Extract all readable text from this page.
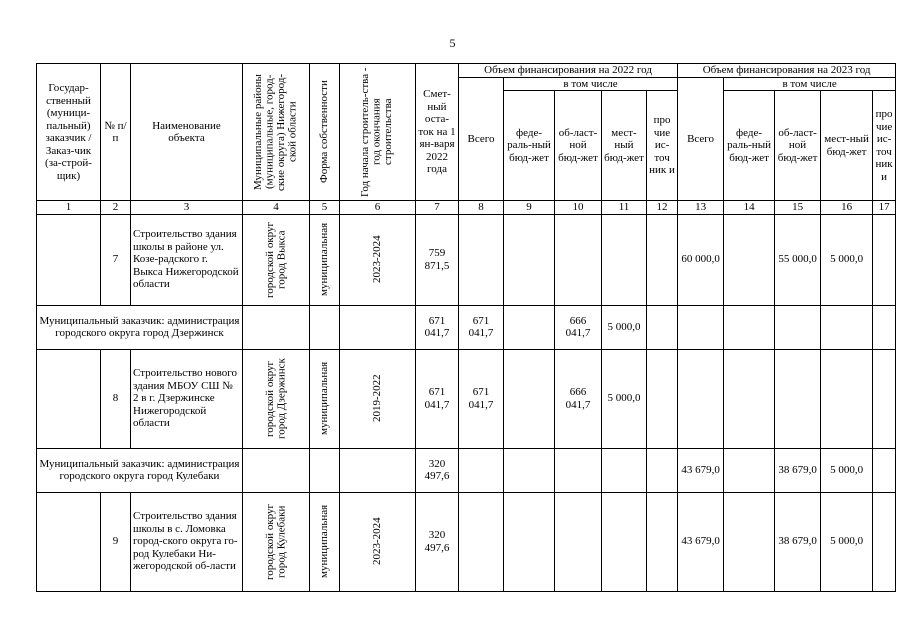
5
Государ-ственный (муници-пальный) заказчик / Заказ-чик (за-строй-щик)	№ п/п	Наименование объекта	Муниципальные районы (муниципальные, город-ские округа) Нижегород-ской области	Форма собственности	Год начала строитель-ства - год окончания строительства	Смет-ный оста-ток на 1 ян-варя 2022 года	Объем финансирования на 2022 год					Объем финансирования на 2023 год				
							Всего	в том числе				Всего	в том числе			
								феде-раль-ный бюд-жет	об-ласт-ной бюд-жет	мест-ный бюд-жет	про чие ис-точ ник и		феде-раль-ный бюд-жет	об-ласт-ной бюд-жет	мест-ный бюд-жет	про чие ис-точ ник и
1	2	3	4	5	6	7	8	9	10	11	12	13	14	15	16	17
	7	Строительство здания школы в районе ул. Козе-радского г. Выкса Нижегородской области	городской округ город Выкса	муниципальная	2023-2024	759 871,5						60 000,0		55 000,0	5 000,0	
Муниципальный заказчик: администрация городского округа город Дзержинск						671 041,7	671 041,7		666 041,7	5 000,0						
	8	Строительство нового здания МБОУ СШ № 2 в г. Дзержинске Нижегородской области	городской округ город Дзержинск	муниципальная	2019-2022	671 041,7	671 041,7		666 041,7	5 000,0						
Муниципальный заказчик: администрация городского округа город Кулебаки						320 497,6						43 679,0		38 679,0	5 000,0	
	9	Строительство здания школы в с. Ломовка город-ского округа го-род Кулебаки Ни-жегородской об-ласти	городской округ город Кулебаки	муниципальная	2023-2024	320 497,6						43 679,0		38 679,0	5 000,0	
